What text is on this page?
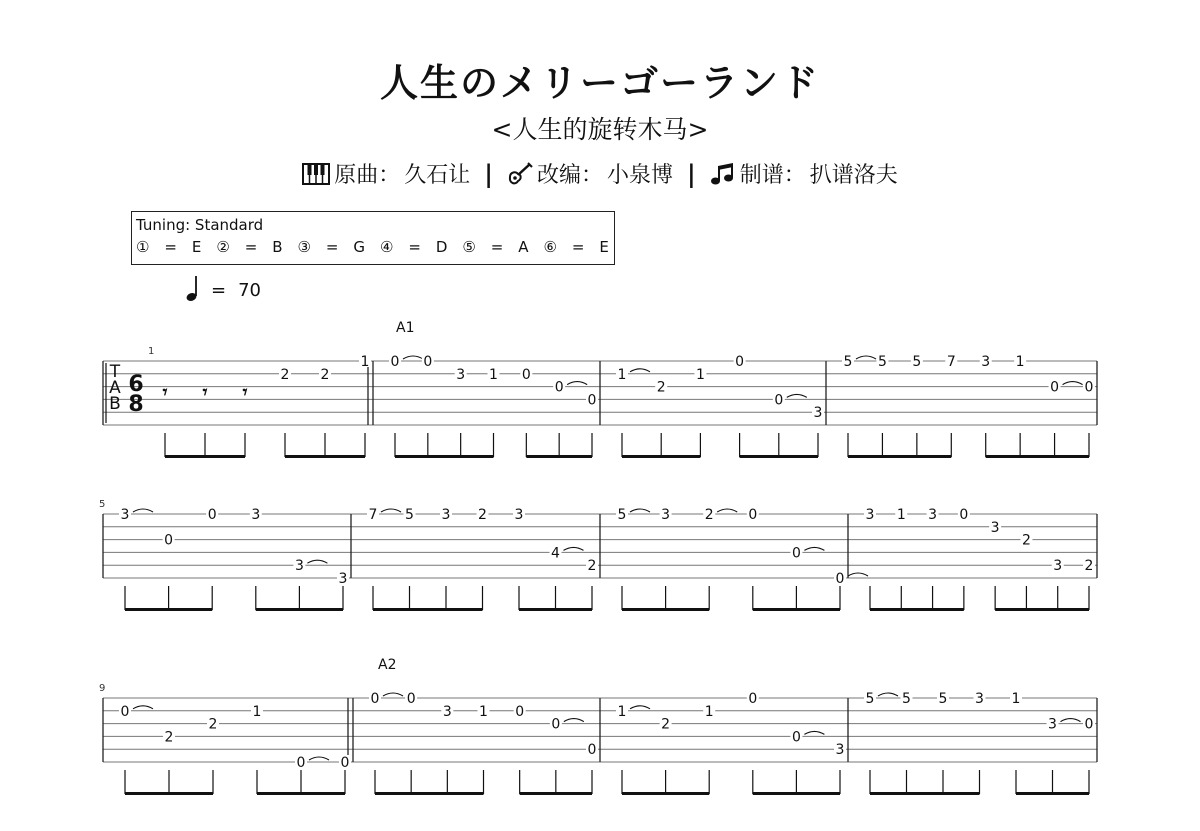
人生のメリーゴーランド
<人生的旋转木马>
原曲： 久石让 | 改编： 小泉博 | 制谱： 扒谱洛夫
Tuning: Standard
① = E ② = B ③ = G ④ = D ⑤ = A ⑥ = E
= 70
1
𝄾 𝄾 𝄾
2 2
1 0 0
3 1 0
0
0
1
2
1
0
0
3
5 5 5 7 3 1
0 0
5
3
0
0 3
3
3
7 5 3 2 3
4
2
5 3 2 0
0
0
3 1 3 0
3
2
3 2
9
0
2
2
1
0	0
0 0
3 1 0
0
0
1
2
1
0
0
3
5 5 5 3 1
3 0
T
A
B
6
8
A1
A2
